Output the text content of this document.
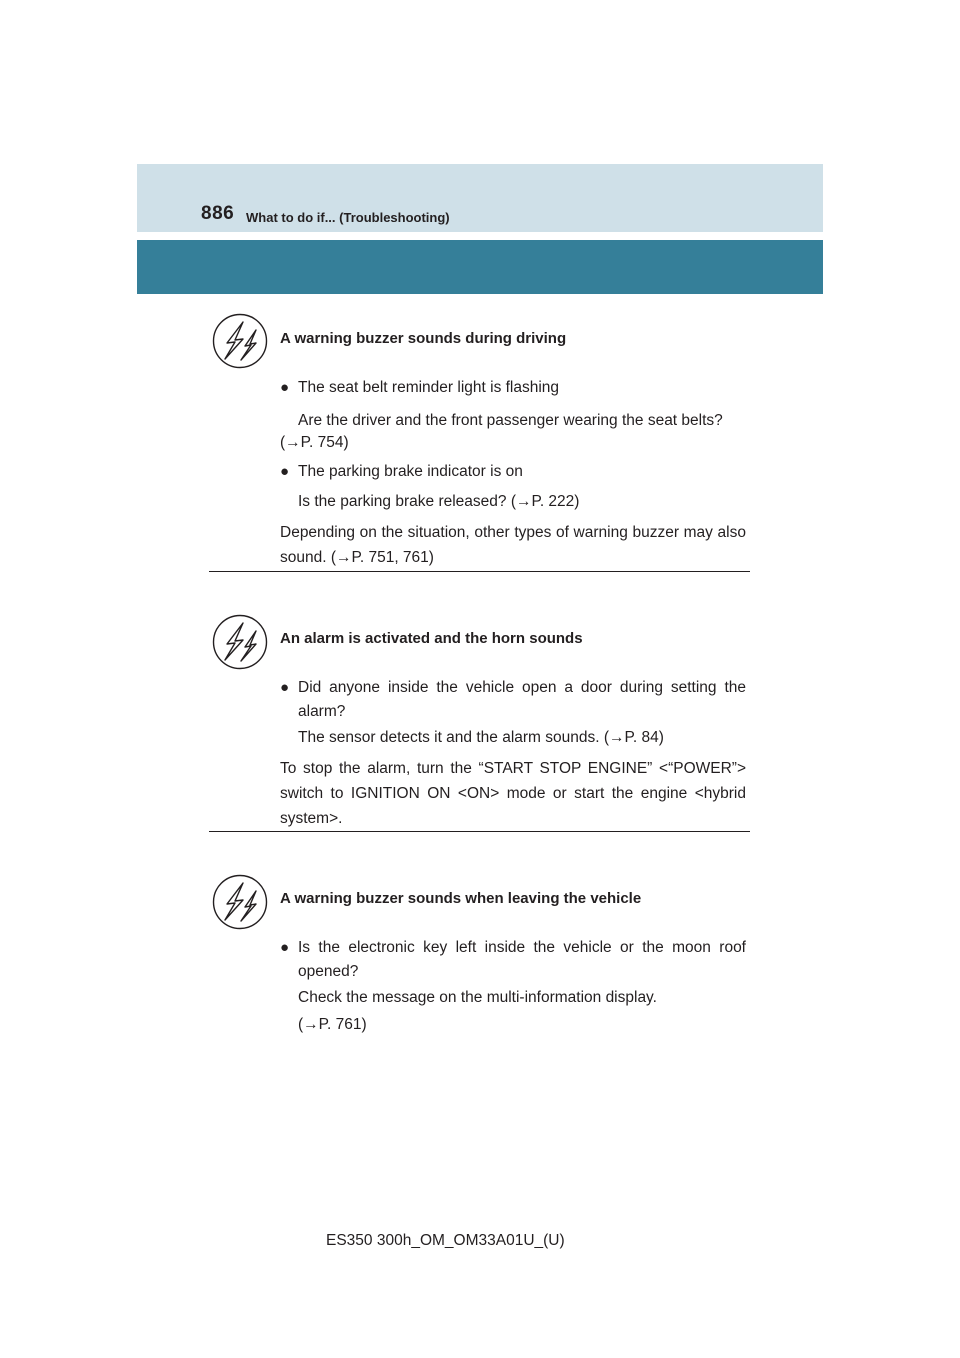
886 What to do if... (Troubleshooting)
A warning buzzer sounds during driving
● The seat belt reminder light is flashing
Are the driver and the front passenger wearing the seat belts?
(→P. 754)
● The parking brake indicator is on
Is the parking brake released? (→P. 222)
Depending on the situation, other types of warning buzzer may also sound. (→P. 751, 761)
An alarm is activated and the horn sounds
● Did anyone inside the vehicle open a door during setting the alarm?
The sensor detects it and the alarm sounds. (→P. 84)
To stop the alarm, turn the “START STOP ENGINE” <“POWER”> switch to IGNITION ON <ON> mode or start the engine <hybrid system>.
A warning buzzer sounds when leaving the vehicle
● Is the electronic key left inside the vehicle or the moon roof opened?
Check the message on the multi-information display.
(→P. 761)
ES350 300h_OM_OM33A01U_(U)
